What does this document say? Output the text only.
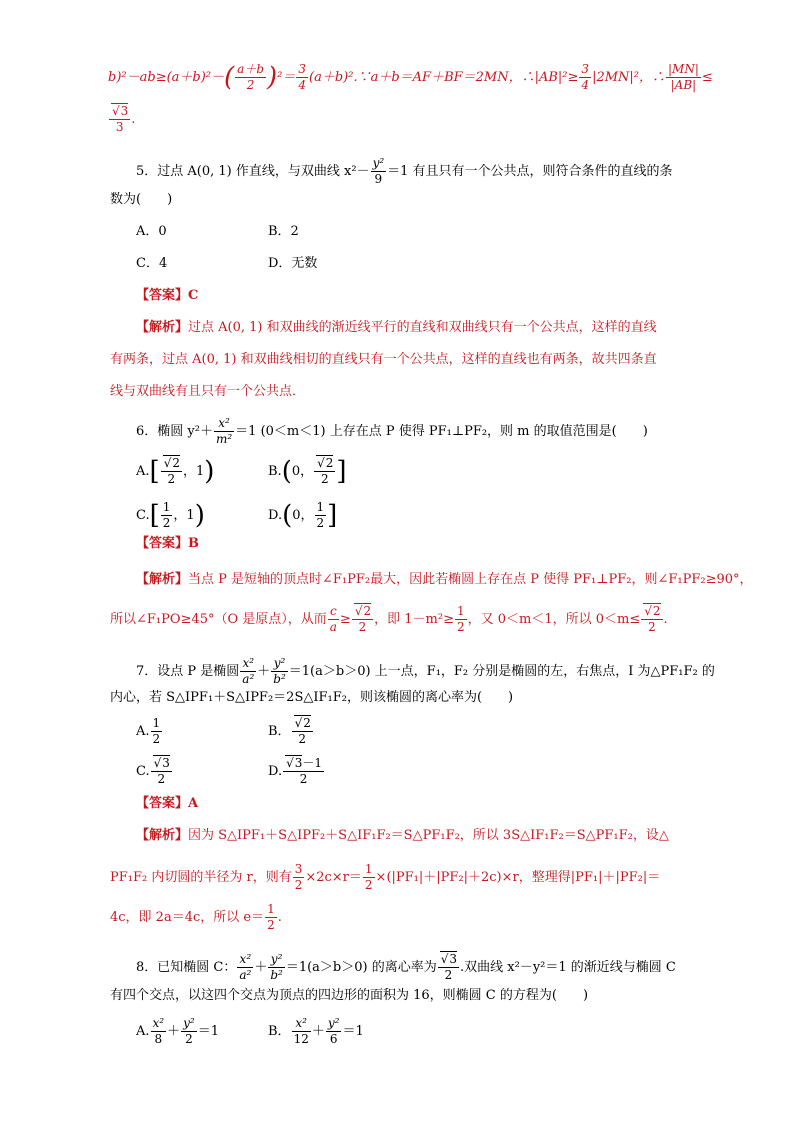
$b)^2-ab\ge(a+b)^2-( \frac{a+b}{2} )^2= \frac{3}{4}$ (a＋b)².∵a＋b＝AF＋BF＝2MN，∴|AB|²≥ $\frac{3}{4} |2MN|^2$，∴ $\frac{|MN|}{|AB|}$ ≤
√ $\frac{3}{3}$ .
5．过点 A(0, 1) 作直线，与双曲线 $x^2- \frac{\text{y²}}{9} =1$ 有且只有一个公共点，则符合条件的直线的条
数为(　　)
A．0	B．2
C．4	D．无数
【答案】C
【解析】过点 A(0, 1) 和双曲线的渐近线平行的直线和双曲线只有一个公共点，这样的直线
有两条，过点 A(0, 1) 和双曲线相切的直线只有一个公共点，这样的直线也有两条，故共四条直
线与双曲线有且只有一个公共点．
6．椭圆 $y^2+ \frac{\text{x²}}{\text{m²}} =1$ (0＜m＜1) 上存在点 P 使得 PF₁⊥PF₂，则 m 的取值范围是(　　)
A.[ √ $\frac{2}{2}$ ，1)	B.(0， √ $\frac{2}{2}$ ]
$C.[ \frac{1}{2}$ ，1)	D.(0， $\frac{1}{2}$ ]
【答案】B
【解析】当点 P 是短轴的顶点时∠F₁PF₂最大，因此若椭圆上存在点 P 使得 PF₁⊥PF₂，则∠F₁PF₂≥90°，
所以∠F₁PO≥45°（O 是原点），从而 $\frac{c}{a}$ ≥ √ $\frac{2}{2}$ ，即 $1-m^2\ge \frac{1}{2}$ ，又 0＜m＜1，所以 0＜m≤ √ $\frac{2}{2}$ .
7．设点 P 是椭圆 $\frac{\text{x²}}{\text{a²}} + \frac{\text{y²}}{\text{b²}} =1(a>b>0)$ 上一点，F₁，F₂ 分别是椭圆的左，右焦点，I 为△PF₁F₂ 的
内心，若 S△IPF₁＋S△IPF₂＝2S△IF₁F₂，则该椭圆的离心率为(　　)
A. $\frac{1}{2}$	B． √ $\frac{2}{2}$
C. √ $\frac{3}{2}$	D. √ $\frac{3-1}{2}$
【答案】A
【解析】因为 S△IPF₁＋S△IPF₂＋S△IF₁F₂＝S△PF₁F₂，所以 3S△IF₁F₂＝S△PF₁F₂，设△
PF₁F₂ 内切圆的半径为 r，则有 $\frac{3}{2} \times 2c\times r= \frac{1}{2} \times(|PF_1|+|PF_2|+2c)\times r$，整理得|PF₁|＋|PF₂|＝
4c，即 2a＝4c，所以 $e= \frac{1}{2}$ .
8．已知椭圆 C： $\frac{\text{x²}}{\text{a²}} + \frac{\text{y²}}{\text{b²}} =1(a>b>0)$ 的离心率为 √ $\frac{3}{2}$ .双曲线 x²－y²＝1 的渐近线与椭圆 C
有四个交点，以这四个交点为顶点的四边形的面积为 16，则椭圆 C 的方程为(　　)
A. $\frac{\text{x²}}{8} + \frac{\text{y²}}{2} =1$	B． $\frac{\text{x²}}{12} + \frac{\text{y²}}{6} =1$
